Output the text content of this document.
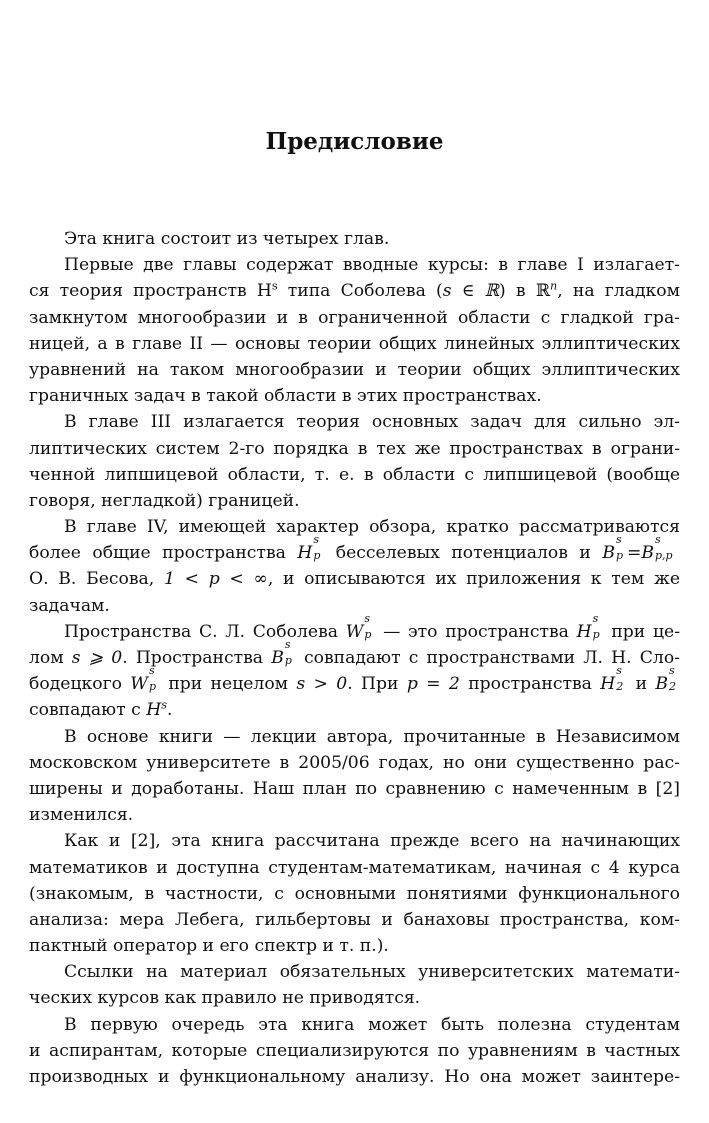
Предисловие
Эта книга состоит из четырех глав.
Первые две главы содержат вводные курсы: в главе I излагает-
ся теория пространств $H^s$ типа Соболева (s ∈ ℝ) в ℝ$^n$, на гладком
замкнутом многообразии и в ограниченной области с гладкой гра-
ницей, а в главе II — основы теории общих линейных эллиптических
уравнений на таком многообразии и теории общих эллиптических
граничных задач в такой области в этих пространствах.
В главе III излагается теория основных задач для сильно эл-
липтических систем 2-го порядка в тех же пространствах в ограни-
ченной липшицевой области, т. е. в области с липшицевой (вообще
говоря, негладкой) границей.
В главе IV, имеющей характер обзора, кратко рассматриваются
более общие пространства H
s
p бесселевых потенциалов и B
s
p =B
s
p,p
О. В. Бесова, 1 < p < ∞, и описываются их приложения к тем же
задачам.
Пространства С. Л. Соболева W
s
p — это пространства H
s
p при це-
лом s ⩾ 0. Пространства B
s
p совпадают с пространствами Л. Н. Сло-
бодецкого W
s
p при нецелом s > 0. При p = 2 пространства H
s
2 и B
s
2
совпадают с $H^s$.
В основе книги — лекции автора, прочитанные в Независимом
московском университете в 2005/06 годах, но они существенно рас-
ширены и доработаны. Наш план по сравнению с намеченным в [2]
изменился.
Как и [2], эта книга рассчитана прежде всего на начинающих
математиков и доступна студентам-математикам, начиная с 4 курса
(знакомым, в частности, с основными понятиями функционального
анализа: мера Лебега, гильбертовы и банаховы пространства, ком-
пактный оператор и его спектр и т. п.).
Ссылки на материал обязательных университетских математи-
ческих курсов как правило не приводятся.
В первую очередь эта книга может быть полезна студентам
и аспирантам, которые специализируются по уравнениям в частных
производных и функциональному анализу. Но она может заинтере-
